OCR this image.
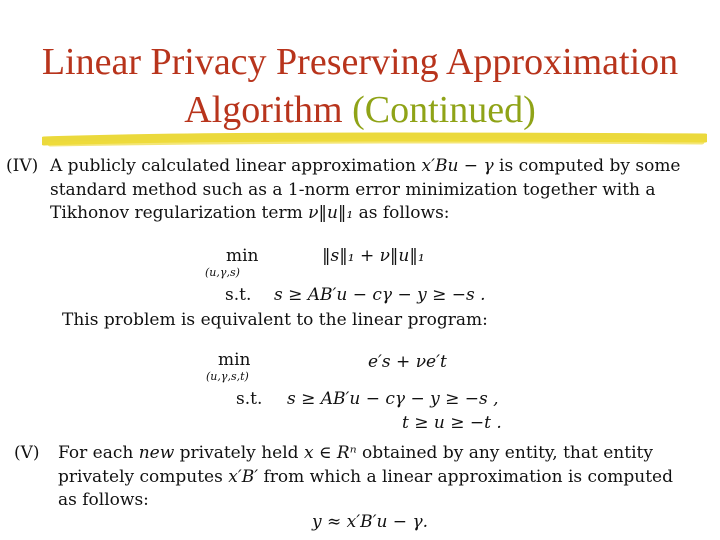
Linear Privacy Preserving Approximation
Algorithm (Continued)
(IV) A publicly calculated linear approximation x′Bu − γ is computed by some
standard method such as a 1-norm error minimization together with a
Tikhonov regularization term ν‖u‖₁ as follows:
min
(u,γ,s)
‖s‖₁ + ν‖u‖₁
s.t. s ≥ AB′u − cγ − y ≥ −s .
This problem is equivalent to the linear program:
min
(u,γ,s,t)
e′s + νe′t
s.t. s ≥ AB′u − cγ − y ≥ −s ,
t ≥ u ≥ −t .
(V) For each new privately held x ∈ Rⁿ obtained by any entity, that entity
privately computes x′B′ from which a linear approximation is computed
as follows:
y ≈ x′B′u − γ.
